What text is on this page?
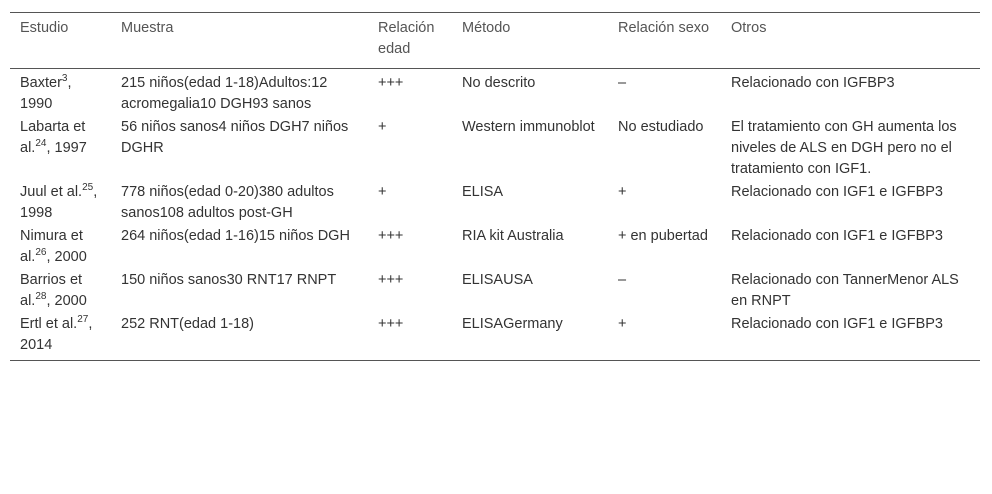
Estudio	Muestra	Relación edad	Método	Relación sexo	Otros
Baxter$^3$, 1990	215 niños(edad 1-18)Adultos:12 acromegalia10 DGH93 sanos	+++	No descrito	–	Relacionado con IGFBP3
Labarta et al.$^{24}$, 1997	56 niños sanos4 niños DGH7 niños DGHR	+	Western immunoblot	No estudiado	El tratamiento con GH aumenta los niveles de ALS en DGH pero no el tratamiento con IGF1.
Juul et al.$^{25}$, 1998	778 niños(edad 0-20)380 adultos sanos108 adultos post-GH	+	ELISA	+	Relacionado con IGF1 e IGFBP3
Nimura et al.$^{26}$, 2000	264 niños(edad 1-16)15 niños DGH	+++	RIA kit Australia	+ en pubertad	Relacionado con IGF1 e IGFBP3
Barrios et al.$^{28}$, 2000	150 niños sanos30 RNT17 RNPT	+++	ELISAUSA	–	Relacionado con TannerMenor ALS en RNPT
Ertl et al.$^{27}$, 2014	252 RNT(edad 1-18)	+++	ELISAGermany	+	Relacionado con IGF1 e IGFBP3
